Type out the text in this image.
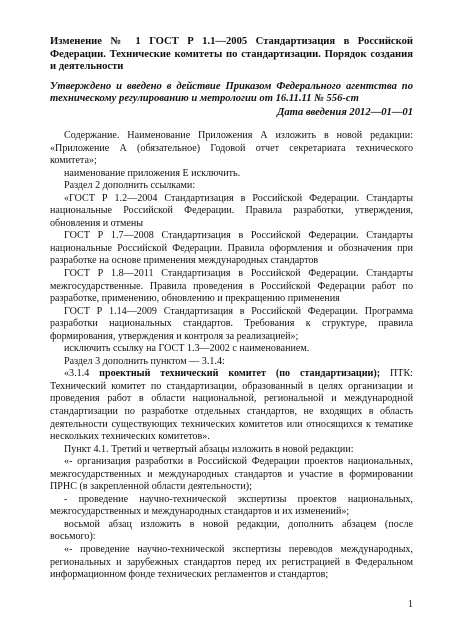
Изменение № 1 ГОСТ Р 1.1—2005 Стандартизация в Российской Федерации. Технические комитеты по стандартизации. Порядок создания и деятельности

Утверждено и введено в действие Приказом Федерального агентства по техническому регулированию и метрологии от 16.11.11 № 556-ст

Дата введения 2012—01—01

Содержание. Наименование Приложения А изложить в новой редакции: «Приложение А (обязательное) Годовой отчет секретариата технического комитета»;

наименование приложения Е исключить.

Раздел 2 дополнить ссылками:

«ГОСТ Р 1.2—2004 Стандартизация в Российской Федерации. Стандарты национальные Российской Федерации. Правила разработки, утверждения, обновления и отмены

ГОСТ Р 1.7—2008 Стандартизация в Российской Федерации. Стандарты национальные Российской Федерации. Правила оформления и обозначения при разработке на основе применения международных стандартов

ГОСТ Р 1.8—2011 Стандартизация в Российской Федерации. Стандарты межгосударственные. Правила проведения в Российской Федерации работ по разработке, применению, обновлению и прекращению применения

ГОСТ Р 1.14—2009 Стандартизация в Российской Федерации. Программа разработки национальных стандартов. Требования к структуре, правила формирования, утверждения и контроля за реализацией»;

исключить ссылку на ГОСТ 1.3—2002 с наименованием.

Раздел 3 дополнить пунктом — 3.1.4:

«3.1.4 проектный технический комитет (по стандартизации); ПТК: Технический комитет по стандартизации, образованный в целях организации и проведения работ в области национальной, региональной и международной стандартизации по разработке отдельных стандартов, не входящих в область деятельности существующих технических комитетов или относящихся к тематике нескольких технических комитетов».

Пункт 4.1. Третий и четвертый абзацы изложить в новой редакции:

«- организация разработки в Российской Федерации проектов национальных, межгосударственных и международных стандартов и участие в формировании ПРНС (в закрепленной области деятельности);

- проведение научно-технической экспертизы проектов национальных, межгосударственных и международных стандартов и их изменений»;

восьмой абзац изложить в новой редакции, дополнить абзацем (после восьмого):

«- проведение научно-технической экспертизы переводов международных, региональных и зарубежных стандартов перед их регистрацией в Федеральном информационном фонде технических регламентов и стандартов;

1
